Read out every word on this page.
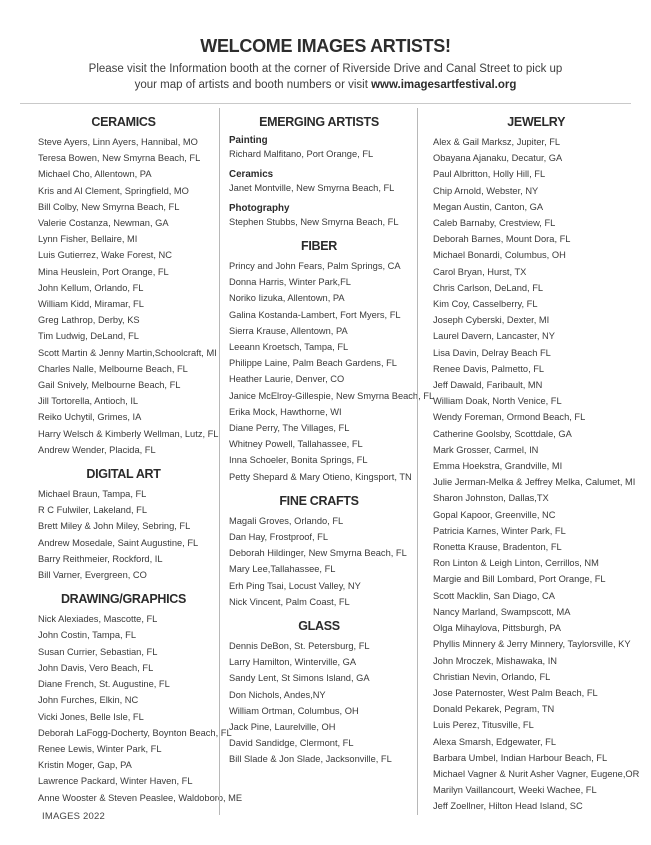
WELCOME IMAGES ARTISTS!
Please visit the Information booth at the corner of Riverside Drive and Canal Street to pick up
your map of artists and booth numbers or visit www.imagesartfestival.org
CERAMICS

Steve Ayers, Linn Ayers, Hannibal, MO

Teresa Bowen, New Smyrna Beach, FL

Michael Cho, Allentown, PA

Kris and Al Clement, Springfield, MO

Bill Colby, New Smyrna Beach, FL

Valerie Costanza, Newman, GA

Lynn Fisher, Bellaire, MI

Luis Gutierrez, Wake Forest, NC

Mina Heuslein, Port Orange, FL

John Kellum, Orlando, FL

William Kidd, Miramar, FL

Greg Lathrop, Derby, KS

Tim Ludwig, DeLand, FL

Scott Martin & Jenny Martin,Schoolcraft, MI

Charles Nalle, Melbourne Beach, FL

Gail Snively, Melbourne Beach, FL

Jill Tortorella, Antioch, IL

Reiko Uchytil, Grimes, IA

Harry Welsch & Kimberly Wellman, Lutz, FL

Andrew Wender, Placida, FL

DIGITAL ART

Michael Braun, Tampa, FL

R C Fulwiler, Lakeland, FL

Brett Miley & John Miley, Sebring, FL

Andrew Mosedale, Saint Augustine, FL

Barry Reithmeier, Rockford, IL

Bill Varner, Evergreen, CO

DRAWING/GRAPHICS

Nick Alexiades, Mascotte, FL

John Costin, Tampa, FL

Susan Currier, Sebastian, FL

John Davis, Vero Beach, FL

Diane French, St. Augustine, FL

John Furches, Elkin, NC

Vicki Jones, Belle Isle, FL

Deborah LaFogg-Docherty, Boynton Beach, FL

Renee Lewis, Winter Park, FL

Kristin Moger, Gap, PA

Lawrence Packard, Winter Haven, FL

Anne Wooster & Steven Peaslee, Waldoboro, ME

EMERGING ARTISTS
Painting

Richard Malfitano, Port Orange, FL

Ceramics

Janet Montville, New Smyrna Beach, FL

Photography

Stephen Stubbs, New Smyrna Beach, FL

FIBER

Princy and John Fears, Palm Springs, CA

Donna Harris, Winter Park,FL

Noriko Iizuka, Allentown, PA

Galina Kostanda-Lambert, Fort Myers, FL

Sierra Krause, Allentown, PA

Leeann Kroetsch, Tampa, FL

Philippe Laine, Palm Beach Gardens, FL

Heather Laurie, Denver, CO

Janice McElroy-Gillespie, New Smyrna Beach, FL

Erika Mock, Hawthorne, WI

Diane Perry, The Villages, FL

Whitney Powell, Tallahassee, FL

Inna Schoeler, Bonita Springs, FL

Petty Shepard & Mary Otieno, Kingsport, TN

FINE CRAFTS

Magali Groves, Orlando, FL

Dan Hay, Frostproof, FL

Deborah Hildinger, New Smyrna Beach, FL

Mary Lee,Tallahassee, FL

Erh Ping Tsai, Locust Valley, NY

Nick Vincent, Palm Coast, FL

GLASS

Dennis DeBon, St. Petersburg, FL

Larry Hamilton, Winterville, GA

Sandy Lent, St Simons Island, GA

Don Nichols, Andes,NY

William Ortman, Columbus, OH

Jack Pine, Laurelville, OH

David Sandidge, Clermont, FL

Bill Slade & Jon Slade, Jacksonville, FL

JEWELRY

Alex & Gail Marksz, Jupiter, FL

Obayana Ajanaku, Decatur, GA

Paul Albritton, Holly Hill, FL

Chip Arnold, Webster, NY

Megan Austin, Canton, GA

Caleb Barnaby, Crestview, FL

Deborah Barnes, Mount Dora, FL

Michael Bonardi, Columbus, OH

Carol Bryan, Hurst, TX

Chris Carlson, DeLand, FL

Kim Coy, Casselberry, FL

Joseph Cyberski, Dexter, MI

Laurel Davern, Lancaster, NY

Lisa Davin, Delray Beach FL

Renee Davis, Palmetto, FL

Jeff Dawald, Faribault, MN

William Doak, North Venice, FL

Wendy Foreman, Ormond Beach, FL

Catherine Goolsby, Scottdale, GA

Mark Grosser, Carmel, IN

Emma Hoekstra, Grandville, MI

Julie Jerman-Melka & Jeffrey Melka, Calumet, MI

Sharon Johnston, Dallas,TX

Gopal Kapoor, Greenville, NC

Patricia Karnes, Winter Park, FL

Ronetta Krause, Bradenton, FL

Ron Linton & Leigh Linton, Cerrillos, NM

Margie and Bill Lombard, Port Orange, FL

Scott Macklin, San Diago, CA

Nancy Marland, Swampscott, MA

Olga Mihaylova, Pittsburgh, PA

Phyllis Minnery & Jerry Minnery, Taylorsville, KY

John Mroczek, Mishawaka, IN

Christian Nevin, Orlando, FL

Jose Paternoster, West Palm Beach, FL

Donald Pekarek, Pegram, TN

Luis Perez, Titusville, FL

Alexa Smarsh, Edgewater, FL

Barbara Umbel, Indian Harbour Beach, FL

Michael Vagner & Nurit Asher Vagner, Eugene,OR

Marilyn Vaillancourt, Weeki Wachee, FL

Jeff Zoellner, Hilton Head Island, SC

IMAGES 2022
